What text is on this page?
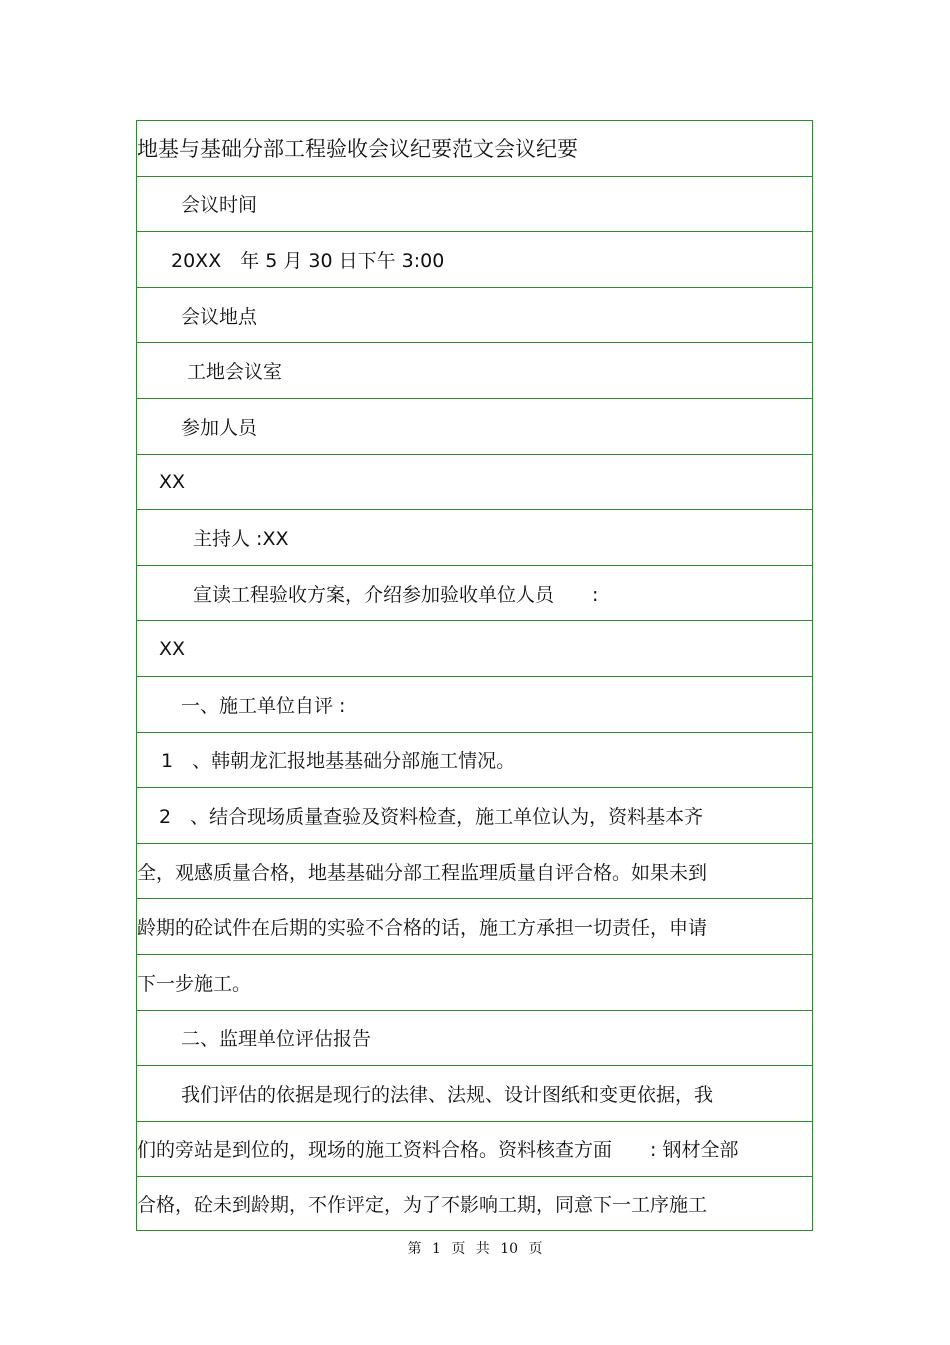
地基与基础分部工程验收会议纪要范文会议纪要
会议时间
20XX　年 5 月 30 日下午 3:00
会议地点
工地会议室
参加人员
XX
主持人 :XX
宣读工程验收方案，介绍参加验收单位人员　　:
XX
一、施工单位自评 :
1　、韩朝龙汇报地基基础分部施工情况。
2　、结合现场质量查验及资料检查，施工单位认为，资料基本齐
全，观感质量合格，地基基础分部工程监理质量自评合格。如果未到
龄期的砼试件在后期的实验不合格的话，施工方承担一切责任，申请
下一步施工。
二、监理单位评估报告
我们评估的依据是现行的法律、法规、设计图纸和变更依据，我
们的旁站是到位的，现场的施工资料合格。资料核查方面　　: 钢材全部
合格，砼未到龄期，不作评定，为了不影响工期，同意下一工序施工
第 1 页 共 10 页
